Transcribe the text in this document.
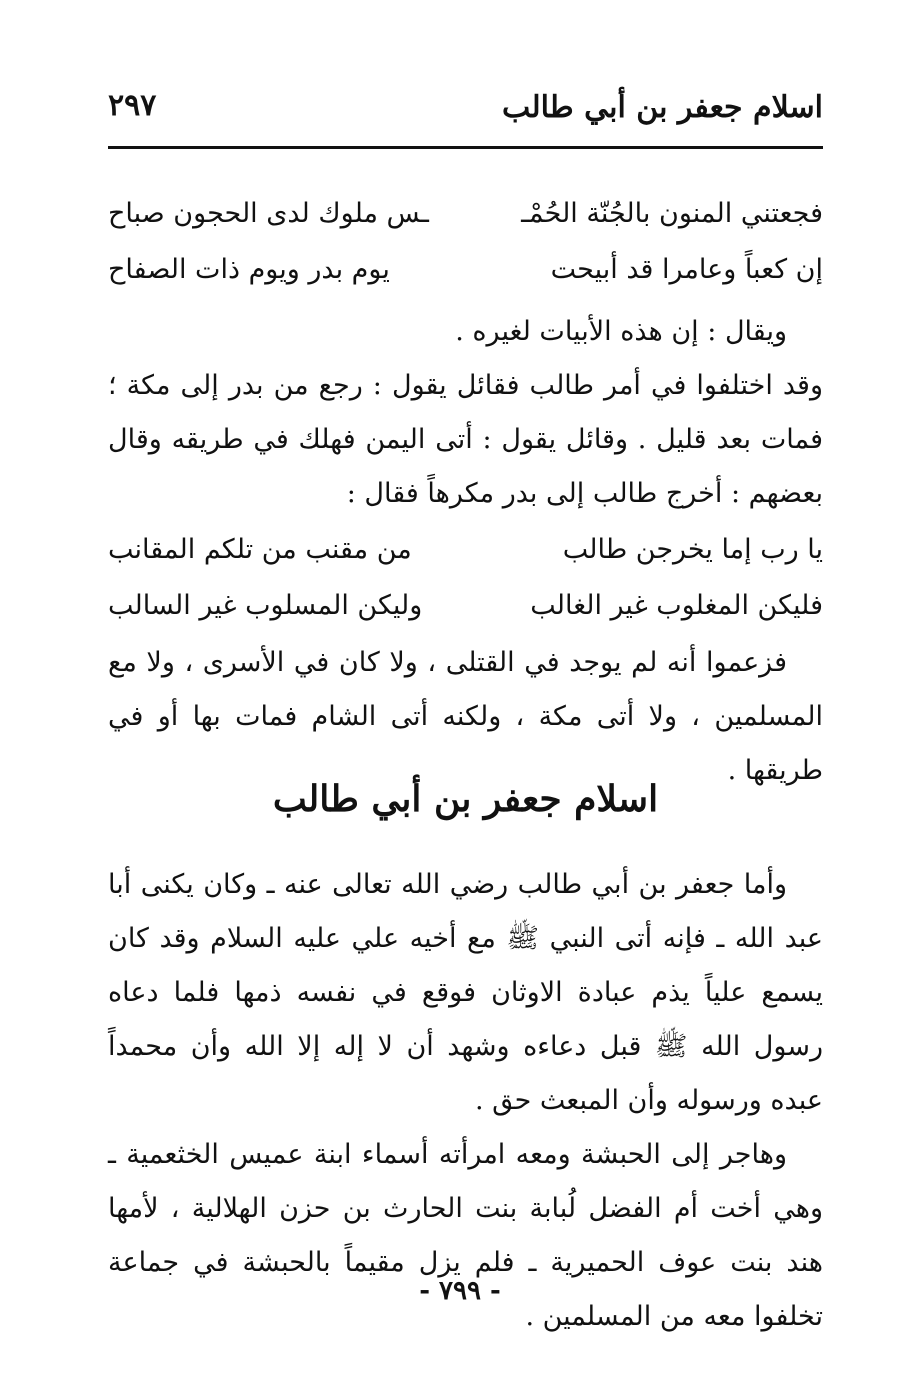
اسلام جعفر بن أبي طالب
٢٩٧
فجعتني المنون بالجُنّة الحُمْـ
ـس ملوك لدى الحجون صباح
إن كعباً وعامرا قد أبيحت
يوم بدر ويوم ذات الصفاح

ويقال : إن هذه الأبيات لغيره .

وقد اختلفوا في أمر طالب فقائل يقول : رجع من بدر إلى مكة ؛ فمات بعد قليل . وقائل يقول : أتى اليمن فهلك في طريقه وقال بعضهم : أخرج طالب إلى بدر مكرهاً فقال :

يا رب إما يخرجن طالب
من مقنب من تلكم المقانب
فليكن المغلوب غير الغالب
وليكن المسلوب غير السالب

فزعموا أنه لم يوجد في القتلى ، ولا كان في الأسرى ، ولا مع المسلمين ، ولا أتى مكة ، ولكنه أتى الشام فمات بها أو في طريقها .

اسلام جعفر بن أبي طالب

وأما جعفر بن أبي طالب رضي الله تعالى عنه ـ وكان يكنى أبا عبد الله ـ فإنه أتى النبي ﷺ مع أخيه علي عليه السلام وقد كان يسمع علياً يذم عبادة الاوثان فوقع في نفسه ذمها فلما دعاه رسول الله ﷺ قبل دعاءه وشهد أن لا إله إلا الله وأن محمداً عبده ورسوله وأن المبعث حق .

وهاجر إلى الحبشة ومعه امرأته أسماء ابنة عميس الخثعمية ـ وهي أخت أم الفضل لُبابة بنت الحارث بن حزن الهلالية ، لأمها هند بنت عوف الحميرية ـ فلم يزل مقيماً بالحبشة في جماعة تخلفوا معه من المسلمين .

- ٧٩٩ -
